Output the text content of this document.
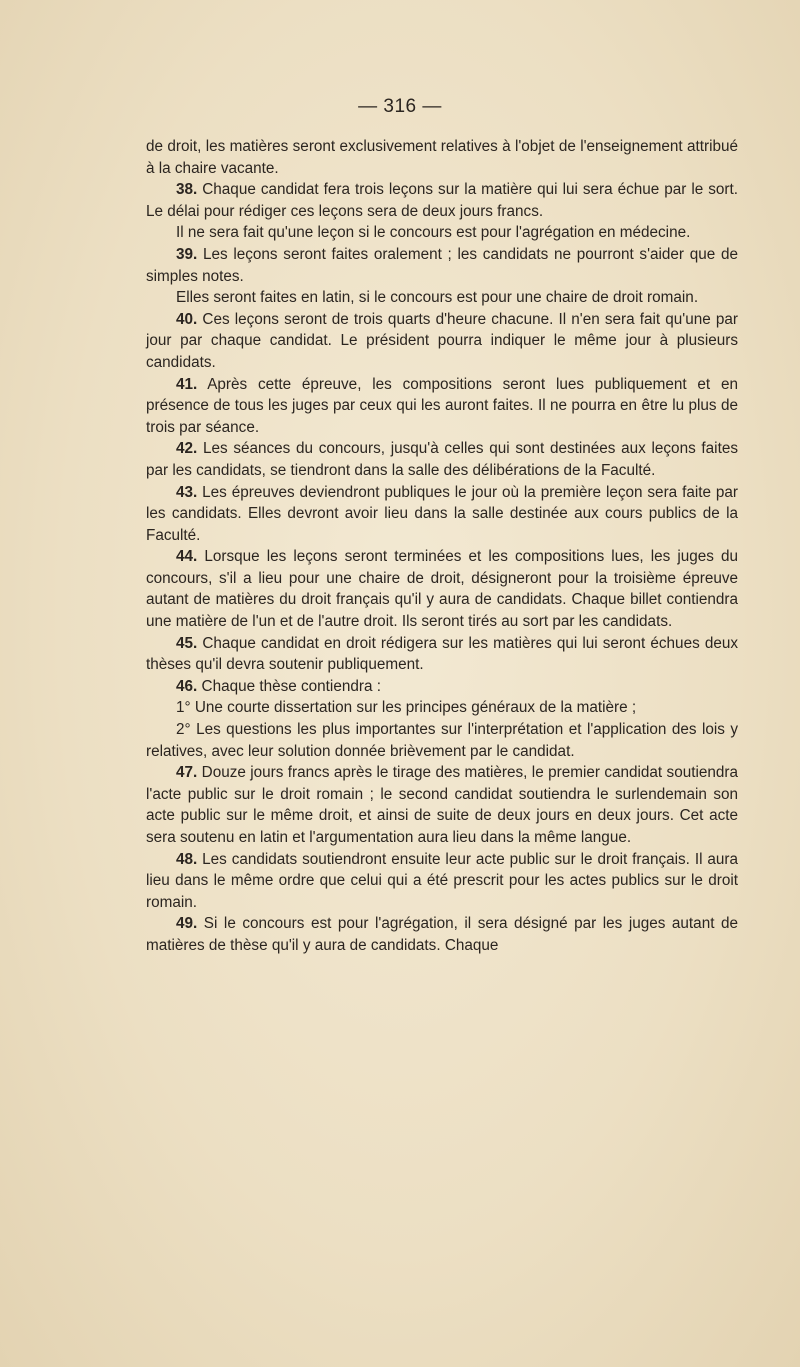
— 316 —

de droit, les matières seront exclusivement relatives à l'objet de l'enseignement attribué à la chaire vacante.

38. Chaque candidat fera trois leçons sur la matière qui lui sera échue par le sort. Le délai pour rédiger ces leçons sera de deux jours francs.

Il ne sera fait qu'une leçon si le concours est pour l'agrégation en médecine.

39. Les leçons seront faites oralement ; les candidats ne pourront s'aider que de simples notes.

Elles seront faites en latin, si le concours est pour une chaire de droit romain.

40. Ces leçons seront de trois quarts d'heure chacune. Il n'en sera fait qu'une par jour par chaque candidat. Le président pourra indiquer le même jour à plusieurs candidats.

41. Après cette épreuve, les compositions seront lues publiquement et en présence de tous les juges par ceux qui les auront faites. Il ne pourra en être lu plus de trois par séance.

42. Les séances du concours, jusqu'à celles qui sont destinées aux leçons faites par les candidats, se tiendront dans la salle des délibérations de la Faculté.

43. Les épreuves deviendront publiques le jour où la première leçon sera faite par les candidats. Elles devront avoir lieu dans la salle destinée aux cours publics de la Faculté.

44. Lorsque les leçons seront terminées et les compositions lues, les juges du concours, s'il a lieu pour une chaire de droit, désigneront pour la troisième épreuve autant de matières du droit français qu'il y aura de candidats. Chaque billet contiendra une matière de l'un et de l'autre droit. Ils seront tirés au sort par les candidats.

45. Chaque candidat en droit rédigera sur les matières qui lui seront échues deux thèses qu'il devra soutenir publiquement.

46. Chaque thèse contiendra :

1° Une courte dissertation sur les principes généraux de la matière ;

2° Les questions les plus importantes sur l'interprétation et l'application des lois y relatives, avec leur solution donnée brièvement par le candidat.

47. Douze jours francs après le tirage des matières, le premier candidat soutiendra l'acte public sur le droit romain ; le second candidat soutiendra le surlendemain son acte public sur le même droit, et ainsi de suite de deux jours en deux jours. Cet acte sera soutenu en latin et l'argumentation aura lieu dans la même langue.

48. Les candidats soutiendront ensuite leur acte public sur le droit français. Il aura lieu dans le même ordre que celui qui a été prescrit pour les actes publics sur le droit romain.

49. Si le concours est pour l'agrégation, il sera désigné par les juges autant de matières de thèse qu'il y aura de candidats. Chaque
